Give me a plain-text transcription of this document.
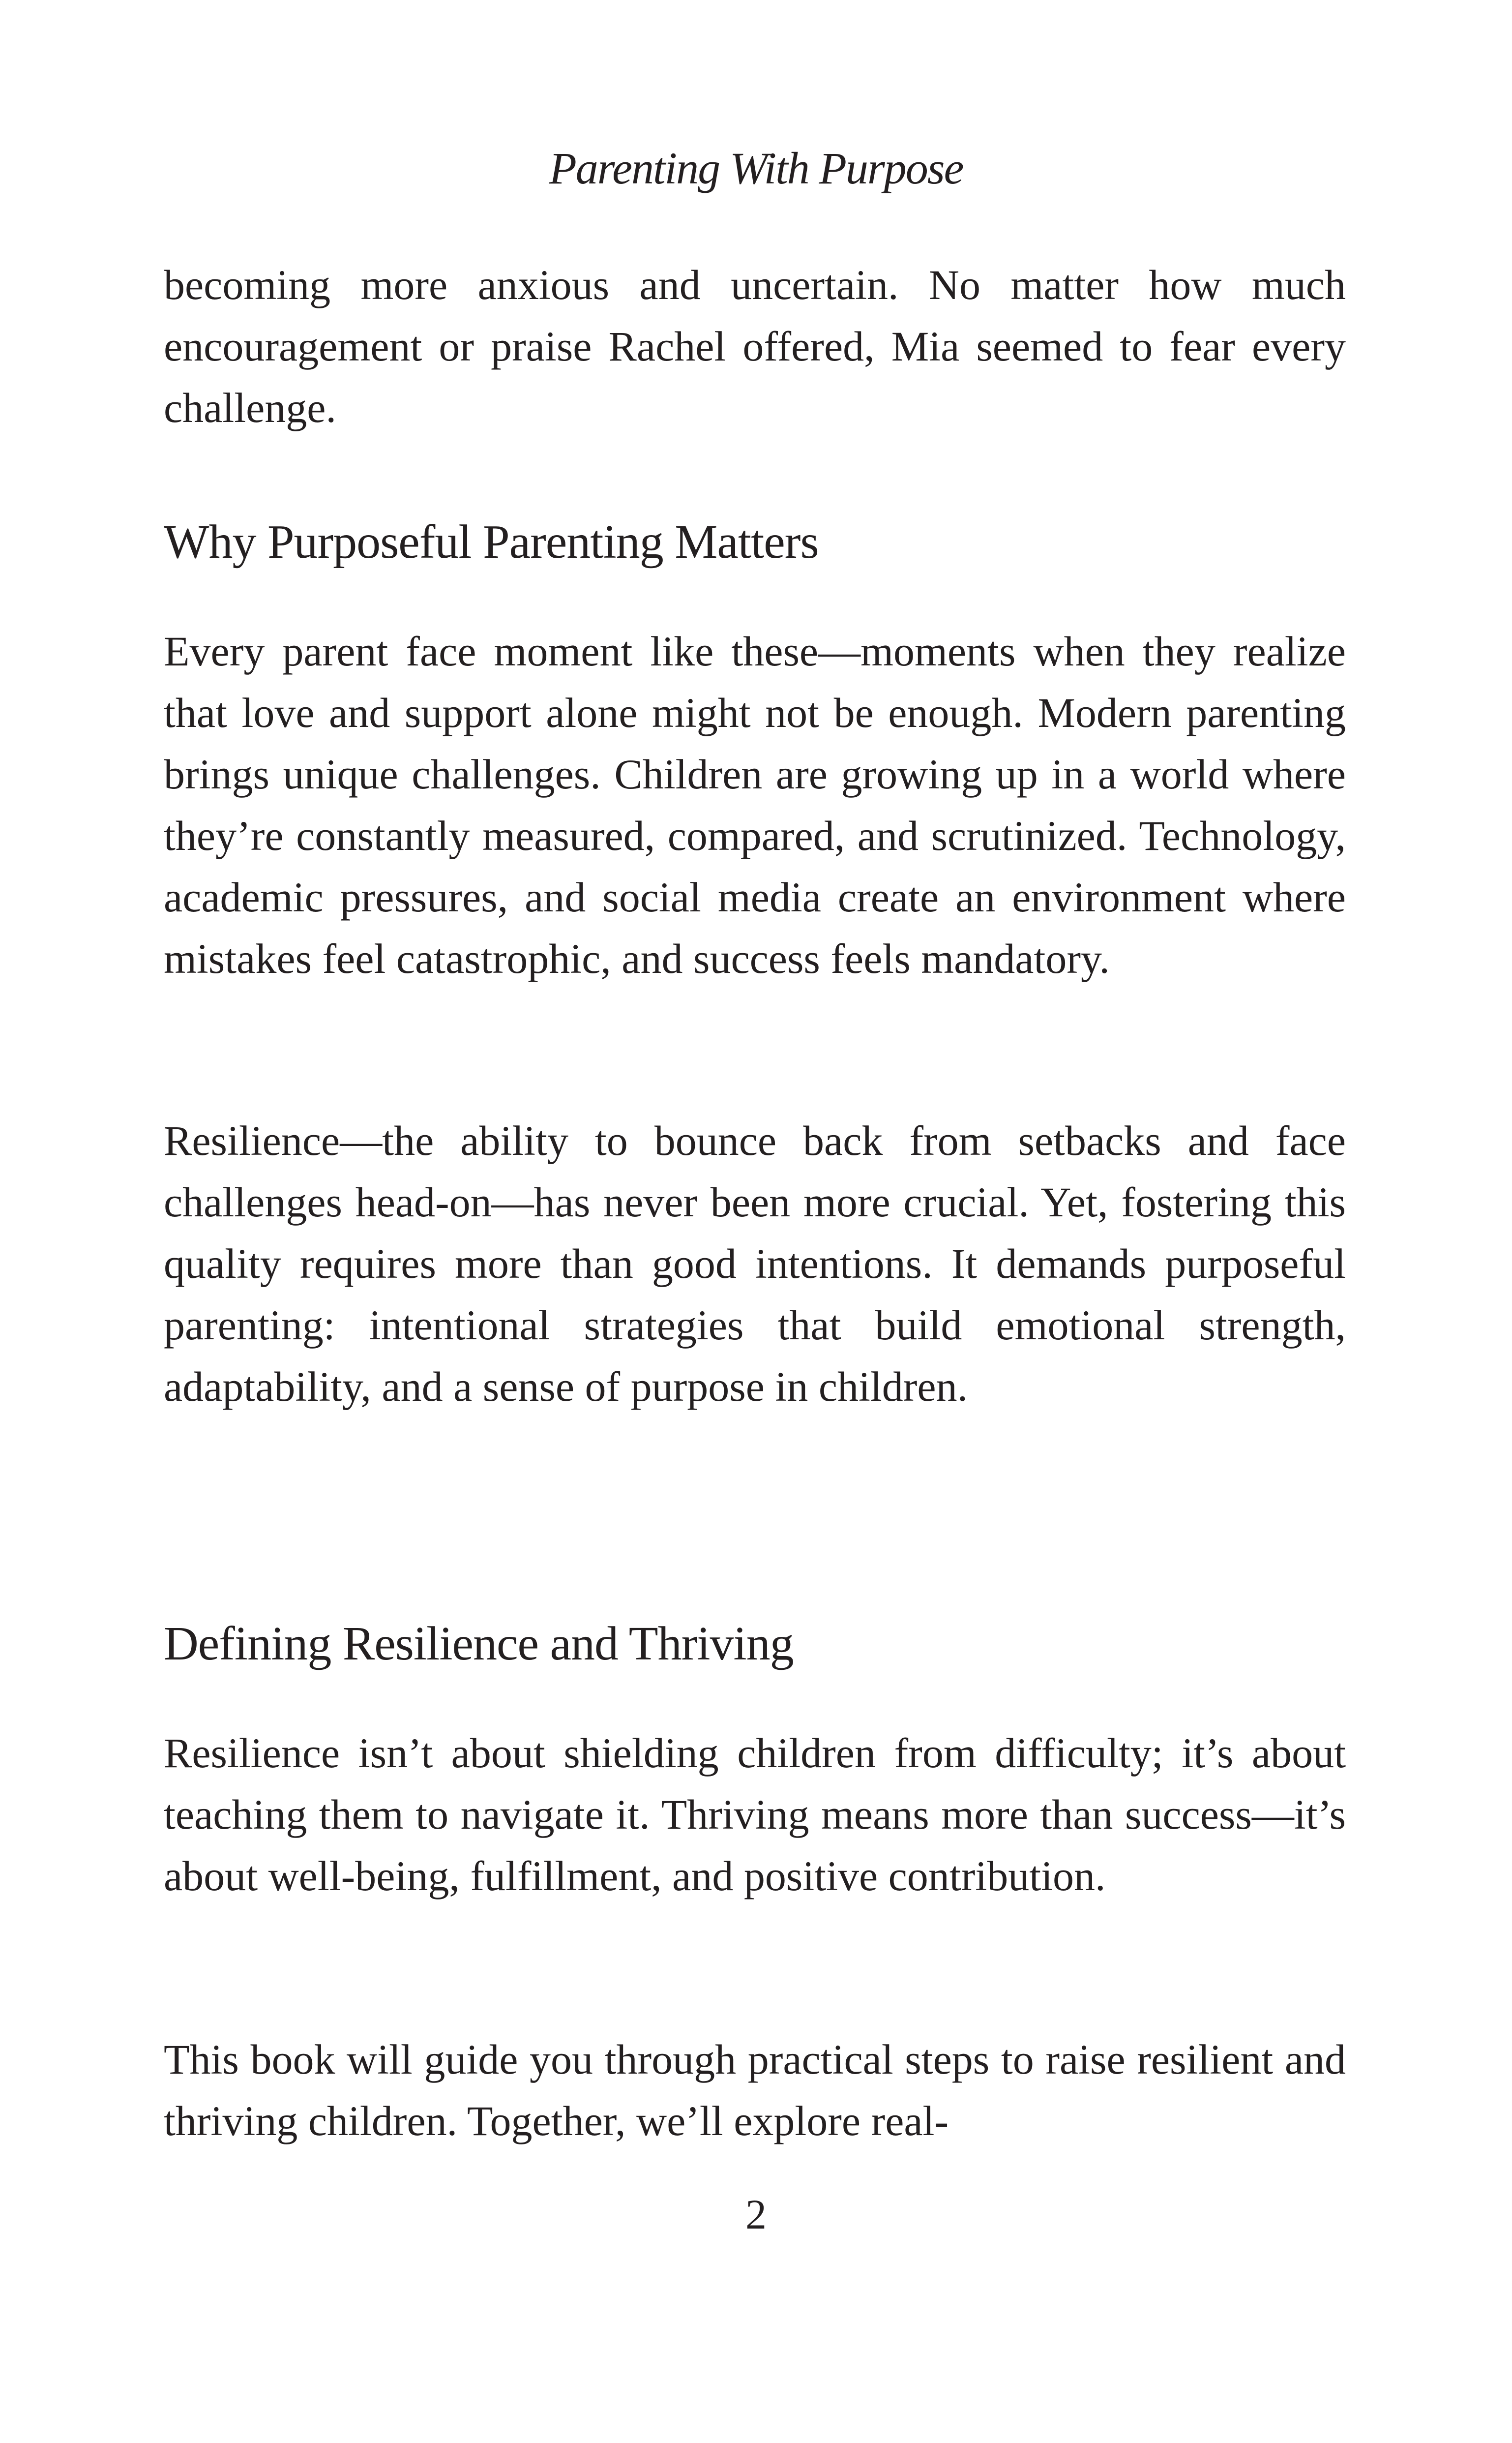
Parenting With Purpose

becoming more anxious and uncertain. No matter how much encouragement or praise Rachel offered, Mia seemed to fear every challenge.

Why Purposeful Parenting Matters

Every parent face moment like these—moments when they realize that love and support alone might not be enough. Modern parenting brings unique challenges. Children are growing up in a world where they’re constantly measured, compared, and scrutinized. Technology, academic pressures, and social media create an environment where mistakes feel catastrophic, and success feels mandatory.

Resilience—the ability to bounce back from setbacks and face challenges head-on—has never been more crucial. Yet, fostering this quality requires more than good intentions. It demands purposeful parenting: intentional strategies that build emotional strength, adaptability, and a sense of purpose in children.

Defining Resilience and Thriving

Resilience isn’t about shielding children from difficulty; it’s about teaching them to navigate it. Thriving means more than success—it’s about well-being, fulfillment, and positive contribution.

This book will guide you through practical steps to raise resilient and thriving children. Together, we’ll explore real-

2
